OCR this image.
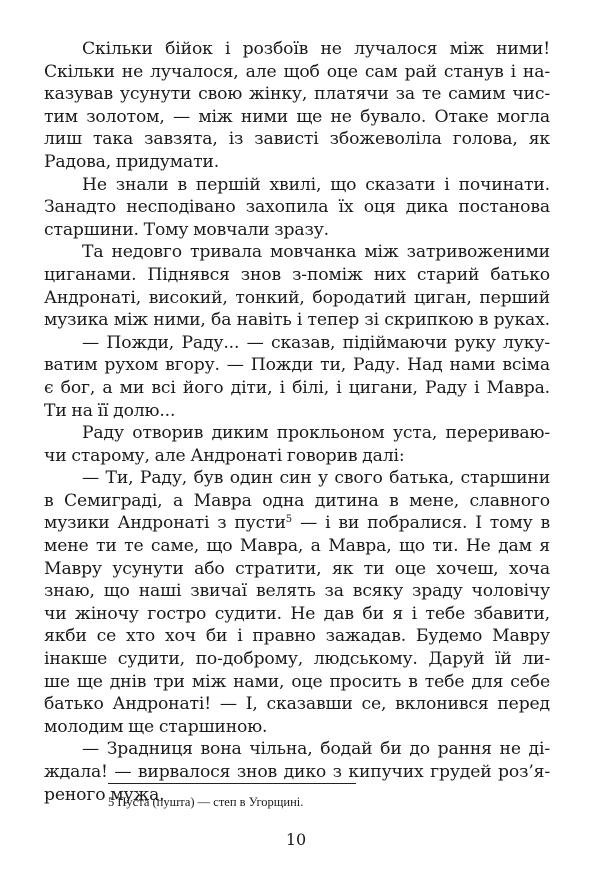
Скільки бійок і розбоїв не лучалося між ними!
Скільки не лучалося, але щоб оце сам рай станув і на-
казував усунути свою жінку, платячи за те самим чис-
тим золотом, — між ними ще не бувало. Отаке могла
лиш така завзята, із зависті збожеволіла голова, як
Радова, придумати.
Не знали в першій хвилі, що сказати і починати.
Занадто несподівано захопила їх оця дика постанова
старшини. Тому мовчали зразу.
Та недовго тривала мовчанка між затривоженими
циганами. Піднявся знов з-поміж них старий батько
Андронаті, високий, тонкий, бородатий циган, перший
музика між ними, ба навіть і тепер зі скрипкою в руках.
— Пожди, Раду... — сказав, підіймаючи руку луку-
ватим рухом вгору. — Пожди ти, Раду. Над нами всіма
є бог, а ми всі його діти, і білі, і цигани, Раду і Мавра.
Ти на її долю...
Раду отворив диким прокльоном уста, перериваю-
чи старому, але Андронаті говорив далі:
— Ти, Раду, був один син у свого батька, старшини
в Семиграді, а Мавра одна дитина в мене, славного
музики Андронаті з пусти$^5$ — і ви побралися. І тому в
мене ти те саме, що Мавра, а Мавра, що ти. Не дам я
Мавру усунути або стратити, як ти оце хочеш, хоча
знаю, що наші звичаї велять за всяку зраду чоловічу
чи жіночу гостро судити. Не дав би я і тебе збавити,
якби се хто хоч би і правно зажадав. Будемо Мавру
інакше судити, по-доброму, людському. Даруй їй ли-
ше ще днів три між нами, оце просить в тебе для себе
батько Андронаті! — І, сказавши се, вклонився перед
молодим ще старшиною.
— Зрадниця вона чільна, бодай би до рання не ді-
ждала! — вирвалося знов дико з кипучих грудей роз’я-
реного мужа.
5 Пуста (пушта) — степ в Угорщині.
10
